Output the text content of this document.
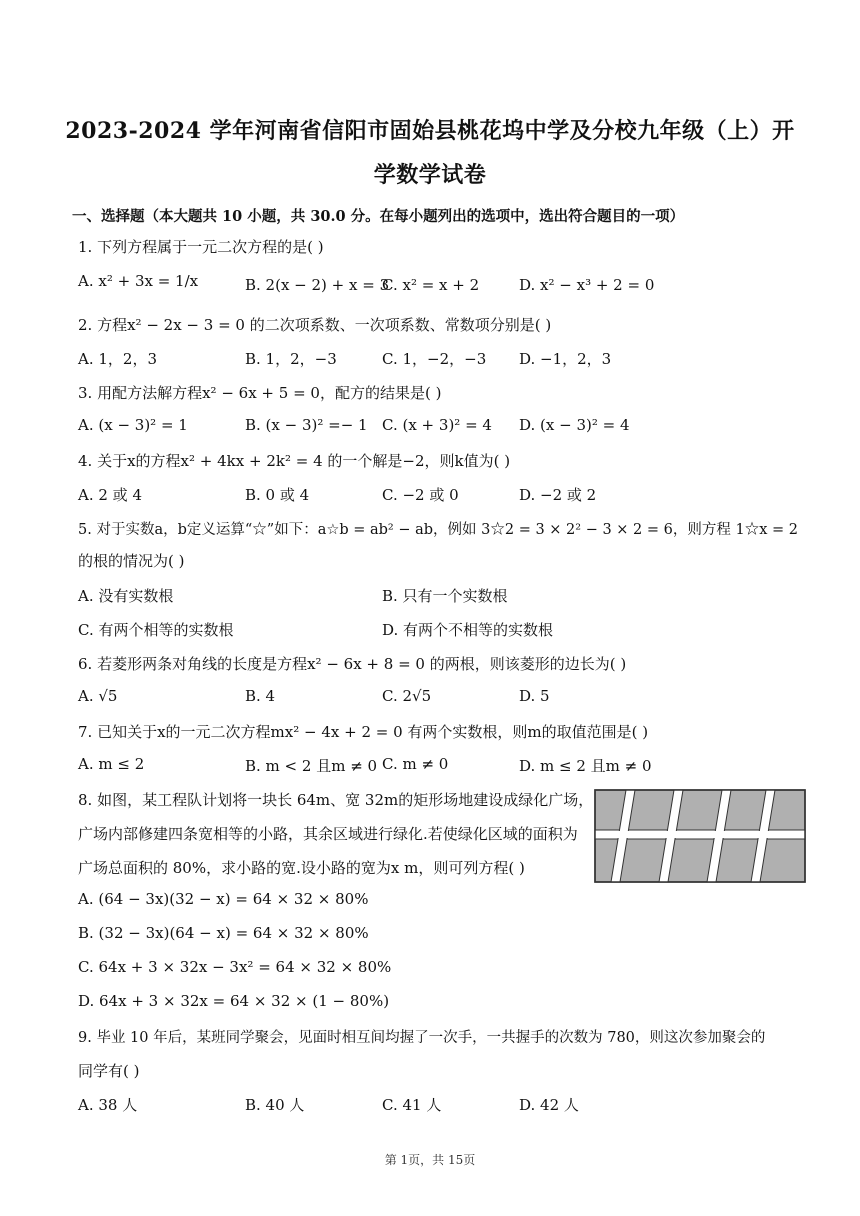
2023-2024 学年河南省信阳市固始县桃花坞中学及分校九年级（上）开
学数学试卷
一、选择题（本大题共 10 小题，共 30.0 分。在每小题列出的选项中，选出符合题目的一项）
1. 下列方程属于一元二次方程的是( )
A. x² + 3x = 1/x	B. 2(x − 2) + x = 3
C. x² = x + 2	D. x² − x³ + 2 = 0
2. 方程x² − 2x − 3 = 0 的二次项系数、一次项系数、常数项分别是( )
A. 1，2，3	B. 1，2，−3	C. 1，−2，−3 D. −1，2，3
3. 用配方法解方程x² − 6x + 5 = 0，配方的结果是( )
A. (x − 3)² = 1	B. (x − 3)² =− 1 C. (x + 3)² = 4 D. (x − 3)² = 4
4. 关于x的方程x² + 4kx + 2k² = 4 的一个解是−2，则k值为( )
A. 2 或 4	B. 0 或 4	C. −2 或 0	D. −2 或 2
5. 对于实数a，b定义运算“☆”如下：a☆b = ab² − ab，例如 3☆2 = 3 × 2² − 3 × 2 = 6，则方程 1☆x = 2
的根的情况为( )
A. 没有实数根	B. 只有一个实数根
C. 有两个相等的实数根	D. 有两个不相等的实数根
6. 若菱形两条对角线的长度是方程x² − 6x + 8 = 0 的两根，则该菱形的边长为( )
A. √5	B. 4	C. 2√5	D. 5
7. 已知关于x的一元二次方程mx² − 4x + 2 = 0 有两个实数根，则m的取值范围是( )
A. m ≤ 2	B. m < 2 且m ≠ 0 C. m ≠ 0	D. m ≤ 2 且m ≠ 0
8. 如图，某工程队计划将一块长 64m、宽 32m的矩形场地建设成绿化广场，
广场内部修建四条宽相等的小路，其余区域进行绿化.若使绿化区域的面积为
广场总面积的 80%，求小路的宽.设小路的宽为x m，则可列方程( )
A. (64 − 3x)(32 − x) = 64 × 32 × 80%
B. (32 − 3x)(64 − x) = 64 × 32 × 80%
C. 64x + 3 × 32x − 3x² = 64 × 32 × 80%
D. 64x + 3 × 32x = 64 × 32 × (1 − 80%)
9. 毕业 10 年后，某班同学聚会，见面时相互间均握了一次手，一共握手的次数为 780，则这次参加聚会的
同学有( )
A. 38 人	B. 40 人	C. 41 人	D. 42 人
第 1页，共 15页
